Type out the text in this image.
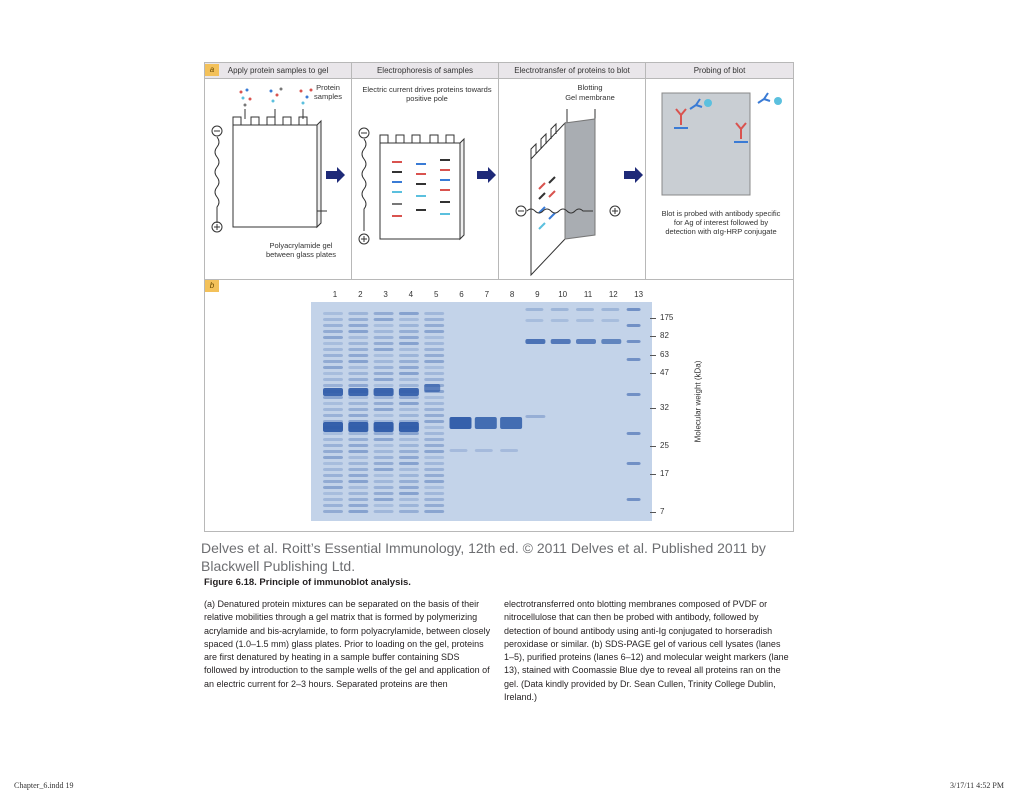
Apply protein samples to gel	Electrophoresis of samples	Electrotransfer of proteins to blot	Probing of blot
a
Protein samples
Polyacrylamide gel between glass plates
Electric current drives proteins towards positive pole
Blotting
Gel membrane
Blot is probed with antibody specific for Ag of interest followed by detection with αIg-HRP conjugate
b
1	2	3	4	5	6	7	8	9	10	11	12	13
175
82
63
47
32
25
17
7
Molecular weight (kDa)
Delves et al. Roitt’s Essential Immunology, 12th ed. © 2011 Delves et al. Published 2011 by Blackwell Publishing Ltd.
Figure 6.18. Principle of immunoblot analysis.
(a) Denatured protein mixtures can be separated on the basis of their relative mobilities through a gel matrix that is formed by polymerizing acrylamide and bis-acrylamide, to form polyacrylamide, between closely spaced (1.0–1.5 mm) glass plates. Prior to loading on the gel, proteins are first denatured by heating in a sample buffer containing SDS followed by introduction to the sample wells of the gel and application of an electric current for 2–3 hours. Separated proteins are then
electrotransferred onto blotting membranes composed of PVDF or nitrocellulose that can then be probed with antibody, followed by detection of bound antibody using anti-Ig conjugated to horseradish peroxidase or similar. (b) SDS-PAGE gel of various cell lysates (lanes 1–5), purified proteins (lanes 6–12) and molecular weight markers (lane 13), stained with Coomassie Blue dye to reveal all proteins ran on the gel. (Data kindly provided by Dr. Sean Cullen, Trinity College Dublin, Ireland.)
Chapter_6.indd 19	3/17/11 4:52 PM
